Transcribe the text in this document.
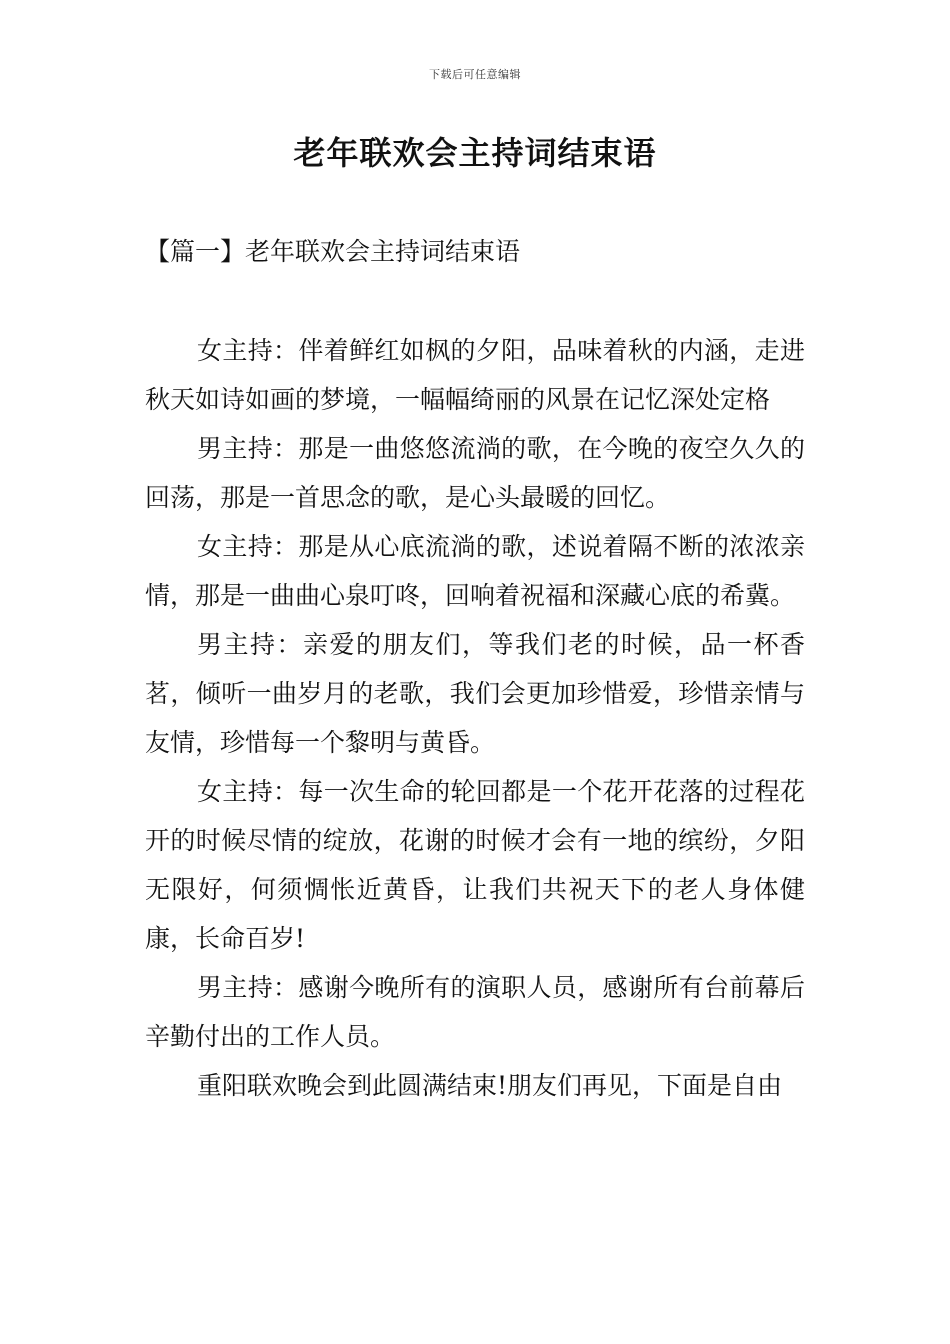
下载后可任意编辑
老年联欢会主持词结束语
【篇一】老年联欢会主持词结束语

女主持：伴着鲜红如枫的夕阳，品味着秋的内涵，走进秋天如诗如画的梦境，一幅幅绮丽的风景在记忆深处定格

男主持：那是一曲悠悠流淌的歌，在今晚的夜空久久的回荡，那是一首思念的歌，是心头最暖的回忆。

女主持：那是从心底流淌的歌，述说着隔不断的浓浓亲情，那是一曲曲心泉叮咚，回响着祝福和深藏心底的希冀。

男主持：亲爱的朋友们，等我们老的时候，品一杯香茗，倾听一曲岁月的老歌，我们会更加珍惜爱，珍惜亲情与友情，珍惜每一个黎明与黄昏。

女主持：每一次生命的轮回都是一个花开花落的过程花开的时候尽情的绽放，花谢的时候才会有一地的缤纷，夕阳无限好，何须惆怅近黄昏，让我们共祝天下的老人身体健康，长命百岁!

男主持：感谢今晚所有的演职人员，感谢所有台前幕后辛勤付出的工作人员。

重阳联欢晚会到此圆满结束!朋友们再见，下面是自由
